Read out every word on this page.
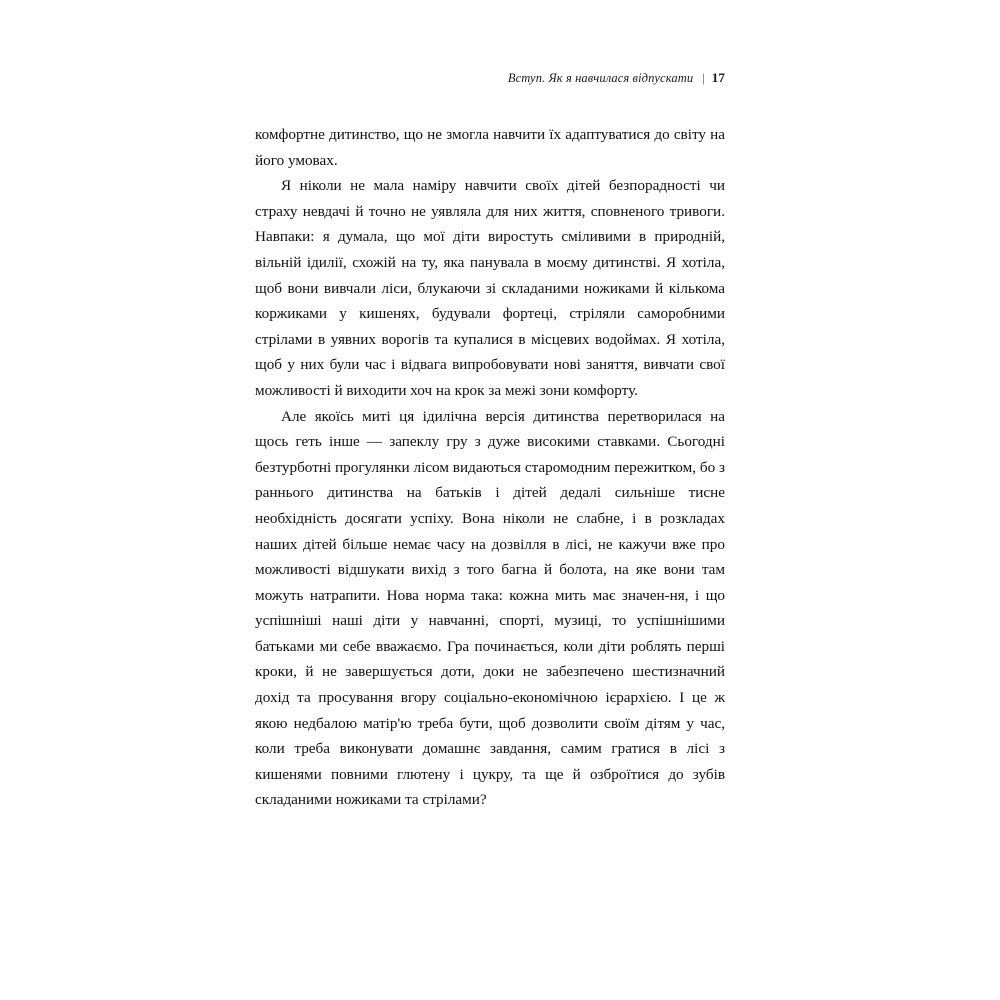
Вступ. Як я навчилася відпускати | 17

комфортне дитинство, що не змогла навчити їх адаптуватися до світу на його умовах.

Я ніколи не мала наміру навчити своїх дітей безпорадності чи страху невдачі й точно не уявляла для них життя, сповненого тривоги. Навпаки: я думала, що мої діти виростуть сміливими в природній, вільній ідилії, схожій на ту, яка панувала в моєму дитинстві. Я хотіла, щоб вони вивчали ліси, блукаючи зі складаними ножиками й кількома коржиками у кишенях, будували фортеці, стріляли саморобними стрілами в уявних ворогів та купалися в місцевих водоймах. Я хотіла, щоб у них були час і відвага випробовувати нові заняття, вивчати свої можливості й виходити хоч на крок за межі зони комфорту.

Але якоїсь миті ця ідилічна версія дитинства перетворилася на щось геть інше — запеклу гру з дуже високими ставками. Сьогодні безтурботні прогулянки лісом видаються старомодним пережитком, бо з раннього дитинства на батьків і дітей дедалі сильніше тисне необхідність досягати успіху. Вона ніколи не слабне, і в розкладах наших дітей більше немає часу на дозвілля в лісі, не кажучи вже про можливості відшукати вихід з того багна й болота, на яке вони там можуть натрапити. Нова норма така: кожна мить має значен-ня, і що успішніші наші діти у навчанні, спорті, музиці, то успішнішими батьками ми себе вважаємо. Гра починається, коли діти роблять перші кроки, й не завершується доти, доки не забезпечено шестизначний дохід та просування вгору соціально-економічною ієрархією. І це ж якою недбалою матір'ю треба бути, щоб дозволити своїм дітям у час, коли треба виконувати домашнє завдання, самим гратися в лісі з кишенями повними глютену і цукру, та ще й озброїтися до зубів складаними ножиками та стрілами?
